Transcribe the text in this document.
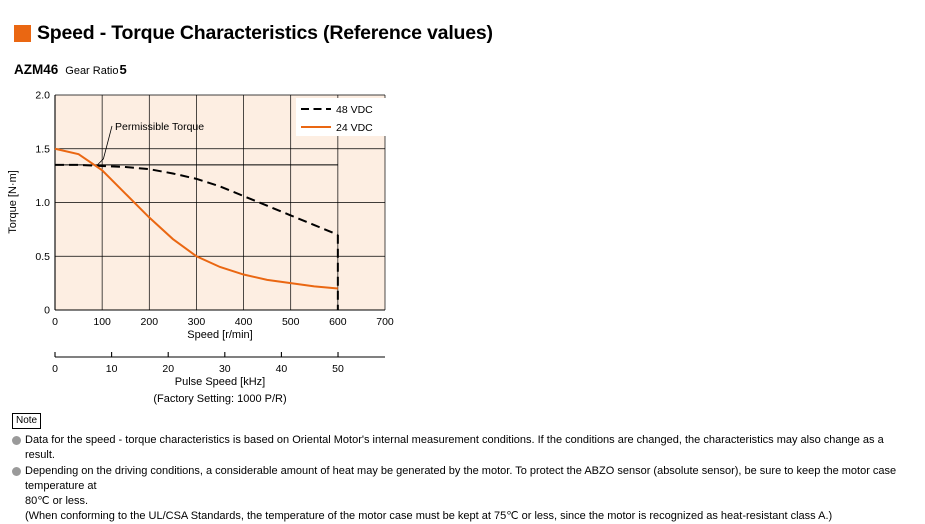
Speed - Torque Characteristics (Reference values)
AZM46 Gear Ratio 5
0
0.5
1.0
1.5
2.0
0	100	200	300	400	500	600	700
Permissible Torque
48 VDC
24 VDC
Speed [r/min]
Torque [N·m]
0	10	20	30	40	50
Pulse Speed [kHz]
(Factory Setting: 1000 P/R)
Note
Data for the speed - torque characteristics is based on Oriental Motor's internal measurement conditions. If the conditions are changed, the characteristics may also change as a result.
Depending on the driving conditions, a considerable amount of heat may be generated by the motor. To protect the ABZO sensor (absolute sensor), be sure to keep the motor case temperature at
80℃ or less.
(When conforming to the UL/CSA Standards, the temperature of the motor case must be kept at 75℃ or less, since the motor is recognized as heat-resistant class A.)
